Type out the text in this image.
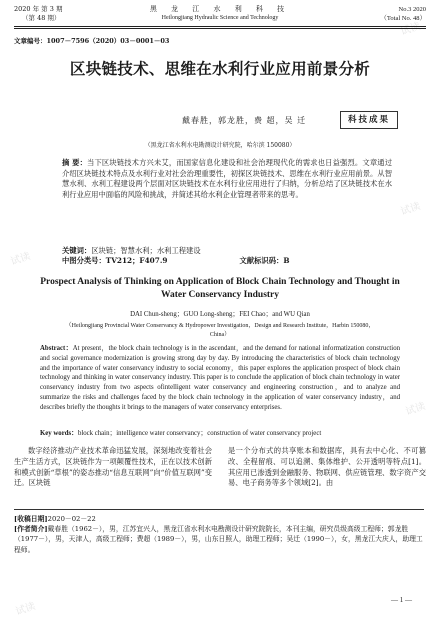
试读
试读
试读
试读
试读
2020 年 第 3 期
（第 48 期）
黑 龙 江 水 利 科 技
Heilongjiang Hydraulic Science and Technology
No.3 2020
（Total No. 48）
文章编号：1007－7596（2020）03－0001－03
区块链技术、思维在水利行业应用前景分析
戴春胜，郭龙胜，费 超，吴 迁	科技成果
（黑龙江省水利水电勘测设计研究院，哈尔滨 150080）
摘 要：当下区块链技术方兴未艾，而国家信息化建设和社会治理现代化的需求也日益强烈。文章通过介绍区块链技术特点及水利行业对社会治理重要性，初探区块链技术、思维在水利行业应用前景。从智慧水利、水利工程建设两个层面对区块链技术在水利行业应用进行了归纳，分析总结了区块链技术在水利行业应用中面临的风险和挑战，并简述其给水利企业管理者带来的思考。
关键词：区块链；智慧水利；水利工程建设
中图分类号：TV212；F407.9	文献标识码：B
Prospect Analysis of Thinking on Application of Block Chain Technology and Thought in Water Conservancy Industry
DAI Chun-sheng；GUO Long-sheng；FEI Chao；and WU Qian
（Heilongjiang Provincial Water Conservancy & Hydropower Investigation，Design and Research Institute，Harbin 150080，China）
Abstract：At present，the block chain technology is in the ascendant，and the demand for national informatization construction and social governance modernization is growing strong day by day. By introducing the characteristics of block chain technology and the importance of water conservancy industry to social economy，this paper explores the application prospect of block chain technology and thinking in water conservancy industry. This paper is to conclude the application of block chain technology in water conservancy industry from two aspects ofintelligent water conservancy and engineering construction，and to analyze and summarize the risks and challenges faced by the block chain technology in the application of water conservancy industry，and describes briefly the thoughts it brings to the managers of water conservancy enterprises.
Key words：block chain；intelligence water conservancy；construction of water conservancy project
数字经济推动产业技术革命迅猛发展，深刻地改变着社会生产生活方式，区块链作为一项颠覆性技术，正在以技术创新和模式创新“草根”的姿态推动“信息互联网”向“价值互联网”变迁。区块链
是一个分布式的共享账本和数据库，具有去中心化、不可篡改、全程留痕、可以追溯、集体维护、公开透明等特点[1]。其应用已渗透到金融服务、物联网、供应链管理、数字资产交易、电子商务等多个领域[2]。由
[收稿日期]2020－02－22
[作者简介]戴春胜（1962－），男，江苏宜兴人，黑龙江省水利水电勘测设计研究院院长，本刊主编，研究员级高级工程师；郭龙胜（1977－），男，天津人，高级工程师；费超（1989－），男，山东日照人，助理工程师；吴迁（1990－），女，黑龙江大庆人，助理工程师。
— 1 —
